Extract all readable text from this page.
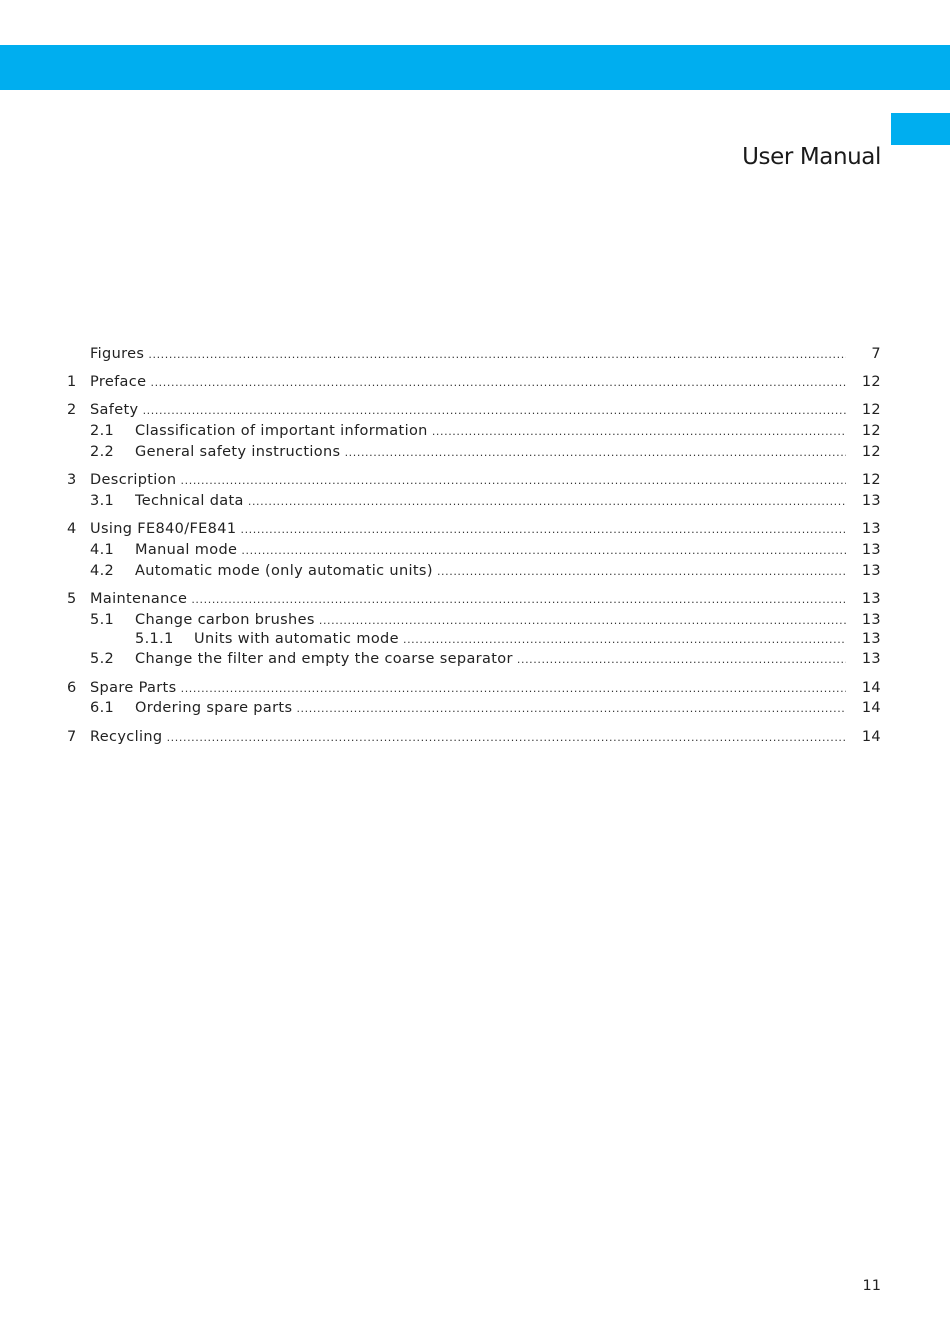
User Manual
Figures .....	7
1 Preface .....	12
2 Safety .....	12
2.1 Classification of important information .....	12
2.2 General safety instructions .....	12
3 Description .....	12
3.1 Technical data .....	13
4 Using FE840/FE841 .....	13
4.1 Manual mode .....	13
4.2 Automatic mode (only automatic units) .....	13
5 Maintenance .....	13
5.1 Change carbon brushes .....	13
5.1.1 Units with automatic mode .....	13
5.2 Change the filter and empty the coarse separator .....	13
6 Spare Parts .....	14
6.1 Ordering spare parts .....	14
7 Recycling .....	14
11
